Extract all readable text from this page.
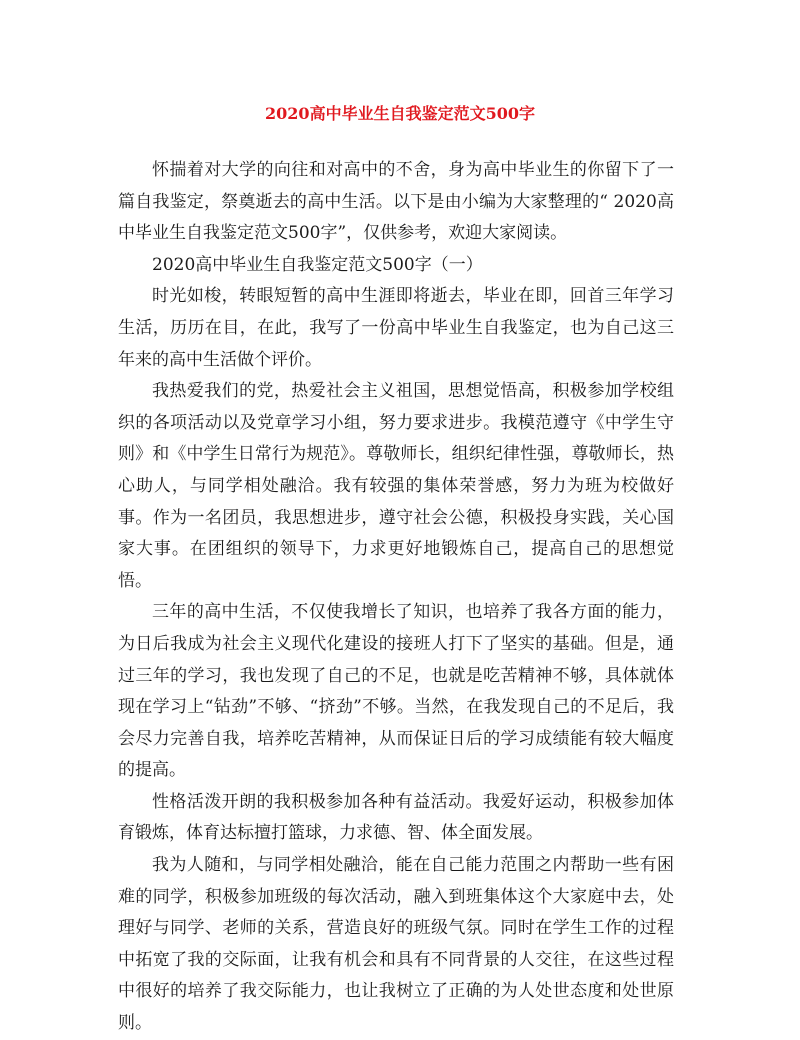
2020高中毕业生自我鉴定范文500字

怀揣着对大学的向往和对高中的不舍，身为高中毕业生的你留下了一篇自我鉴定，祭奠逝去的高中生活。以下是由小编为大家整理的“ 2020高中毕业生自我鉴定范文500字”，仅供参考，欢迎大家阅读。

2020高中毕业生自我鉴定范文500字（一）

时光如梭，转眼短暂的高中生涯即将逝去，毕业在即，回首三年学习生活，历历在目，在此，我写了一份高中毕业生自我鉴定，也为自己这三年来的高中生活做个评价。

我热爱我们的党，热爱社会主义祖国，思想觉悟高，积极参加学校组织的各项活动以及党章学习小组，努力要求进步。我模范遵守《中学生守则》和《中学生日常行为规范》。尊敬师长，组织纪律性强，尊敬师长，热心助人，与同学相处融洽。我有较强的集体荣誉感，努力为班为校做好事。作为一名团员，我思想进步，遵守社会公德，积极投身实践，关心国家大事。在团组织的领导下，力求更好地锻炼自己，提高自己的思想觉悟。

三年的高中生活，不仅使我增长了知识，也培养了我各方面的能力，为日后我成为社会主义现代化建设的接班人打下了坚实的基础。但是，通过三年的学习，我也发现了自己的不足，也就是吃苦精神不够，具体就体现在学习上“钻劲”不够、“挤劲”不够。当然，在我发现自己的不足后，我会尽力完善自我，培养吃苦精神，从而保证日后的学习成绩能有较大幅度的提高。

性格活泼开朗的我积极参加各种有益活动。我爱好运动，积极参加体育锻炼，体育达标擅打篮球，力求德、智、体全面发展。

我为人随和，与同学相处融洽，能在自己能力范围之内帮助一些有困难的同学，积极参加班级的每次活动，融入到班集体这个大家庭中去，处理好与同学、老师的关系，营造良好的班级气氛。同时在学生工作的过程中拓宽了我的交际面，让我有机会和具有不同背景的人交往，在这些过程中很好的培养了我交际能力，也让我树立了正确的为人处世态度和处世原则。
